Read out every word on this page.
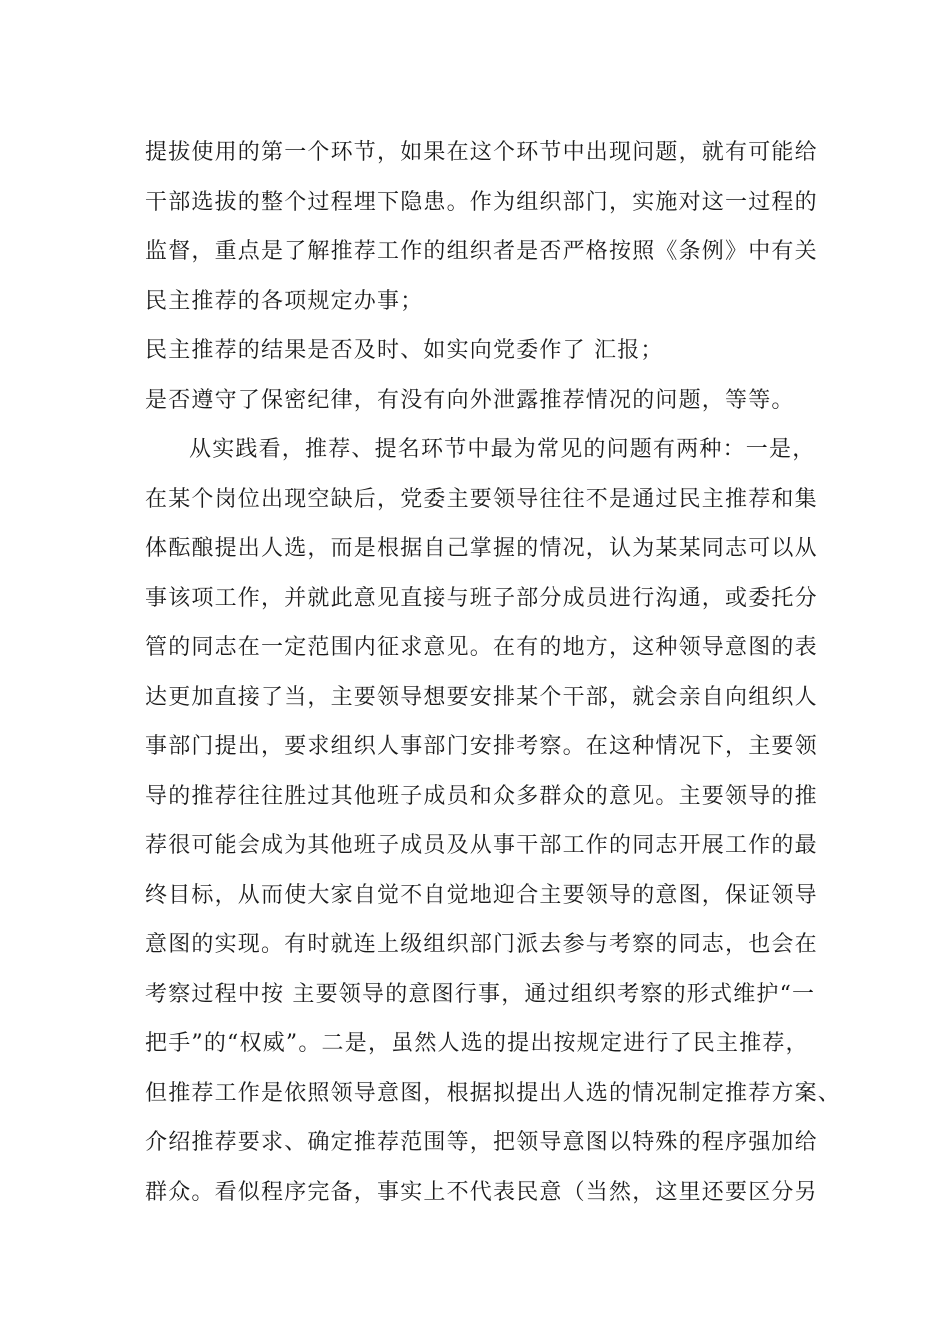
提拔使用的第一个环节，如果在这个环节中出现问题，就有可能给

干部选拔的整个过程埋下隐患。作为组织部门，实施对这一过程的

监督，重点是了解推荐工作的组织者是否严格按照《条例》中有关

民主推荐的各项规定办事；

民主推荐的结果是否及时、如实向党委作了 汇报；

是否遵守了保密纪律，有没有向外泄露推荐情况的问题，等等。

从实践看，推荐、提名环节中最为常见的问题有两种：一是，

在某个岗位出现空缺后，党委主要领导往往不是通过民主推荐和集

体酝酿提出人选，而是根据自己掌握的情况，认为某某同志可以从

事该项工作，并就此意见直接与班子部分成员进行沟通，或委托分

管的同志在一定范围内征求意见。在有的地方，这种领导意图的表

达更加直接了当，主要领导想要安排某个干部，就会亲自向组织人

事部门提出，要求组织人事部门安排考察。在这种情况下，主要领

导的推荐往往胜过其他班子成员和众多群众的意见。主要领导的推

荐很可能会成为其他班子成员及从事干部工作的同志开展工作的最

终目标，从而使大家自觉不自觉地迎合主要领导的意图，保证领导

意图的实现。有时就连上级组织部门派去参与考察的同志，也会在

考察过程中按 主要领导的意图行事，通过组织考察的形式维护“一

把手”的“权威”。二是，虽然人选的提出按规定进行了民主推荐，

但推荐工作是依照领导意图，根据拟提出人选的情况制定推荐方案、

介绍推荐要求、确定推荐范围等，把领导意图以特殊的程序强加给

群众。看似程序完备，事实上不代表民意（当然，这里还要区分另
